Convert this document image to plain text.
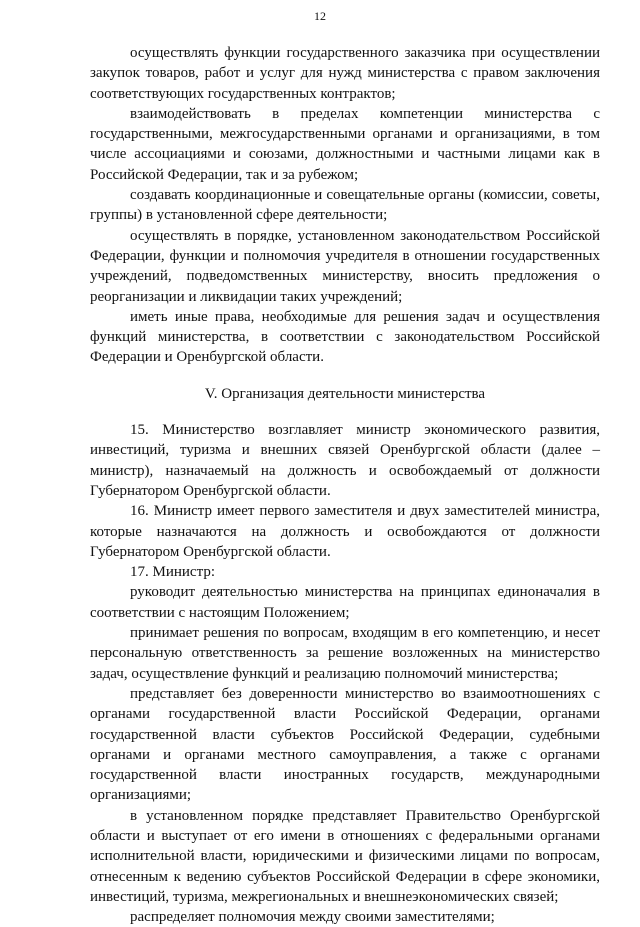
12

осуществлять функции государственного заказчика при осуществлении закупок товаров, работ и услуг для нужд министерства с правом заключения соответствующих государственных контрактов;

взаимодействовать в пределах компетенции министерства с государственными, межгосударственными органами и организациями, в том числе ассоциациями и союзами, должностными и частными лицами как в Российской Федерации, так и за рубежом;

создавать координационные и совещательные органы (комиссии, советы, группы) в установленной сфере деятельности;

осуществлять в порядке, установленном законодательством Российской Федерации, функции и полномочия учредителя в отношении государственных учреждений, подведомственных министерству, вносить предложения о реорганизации и ликвидации таких учреждений;

иметь иные права, необходимые для решения задач и осуществления функций министерства, в соответствии с законодательством Российской Федерации и Оренбургской области.

V. Организация деятельности министерства

15. Министерство возглавляет министр экономического развития, инвестиций, туризма и внешних связей Оренбургской области (далее – министр), назначаемый на должность и освобождаемый от должности Губернатором Оренбургской области.

16. Министр имеет первого заместителя и двух заместителей министра, которые назначаются на должность и освобождаются от должности Губернатором Оренбургской области.

17. Министр:

руководит деятельностью министерства на принципах единоначалия в соответствии с настоящим Положением;

принимает решения по вопросам, входящим в его компетенцию, и несет персональную ответственность за решение возложенных на министерство задач, осуществление функций и реализацию полномочий министерства;

представляет без доверенности министерство во взаимоотношениях с органами государственной власти Российской Федерации, органами государственной власти субъектов Российской Федерации, судебными органами и органами местного самоуправления, а также с органами государственной власти иностранных государств, международными организациями;

в установленном порядке представляет Правительство Оренбургской области и выступает от его имени в отношениях с федеральными органами исполнительной власти, юридическими и физическими лицами по вопросам, отнесенным к ведению субъектов Российской Федерации в сфере экономики, инвестиций, туризма, межрегиональных и внешнеэкономических связей;

распределяет полномочия между своими заместителями;
